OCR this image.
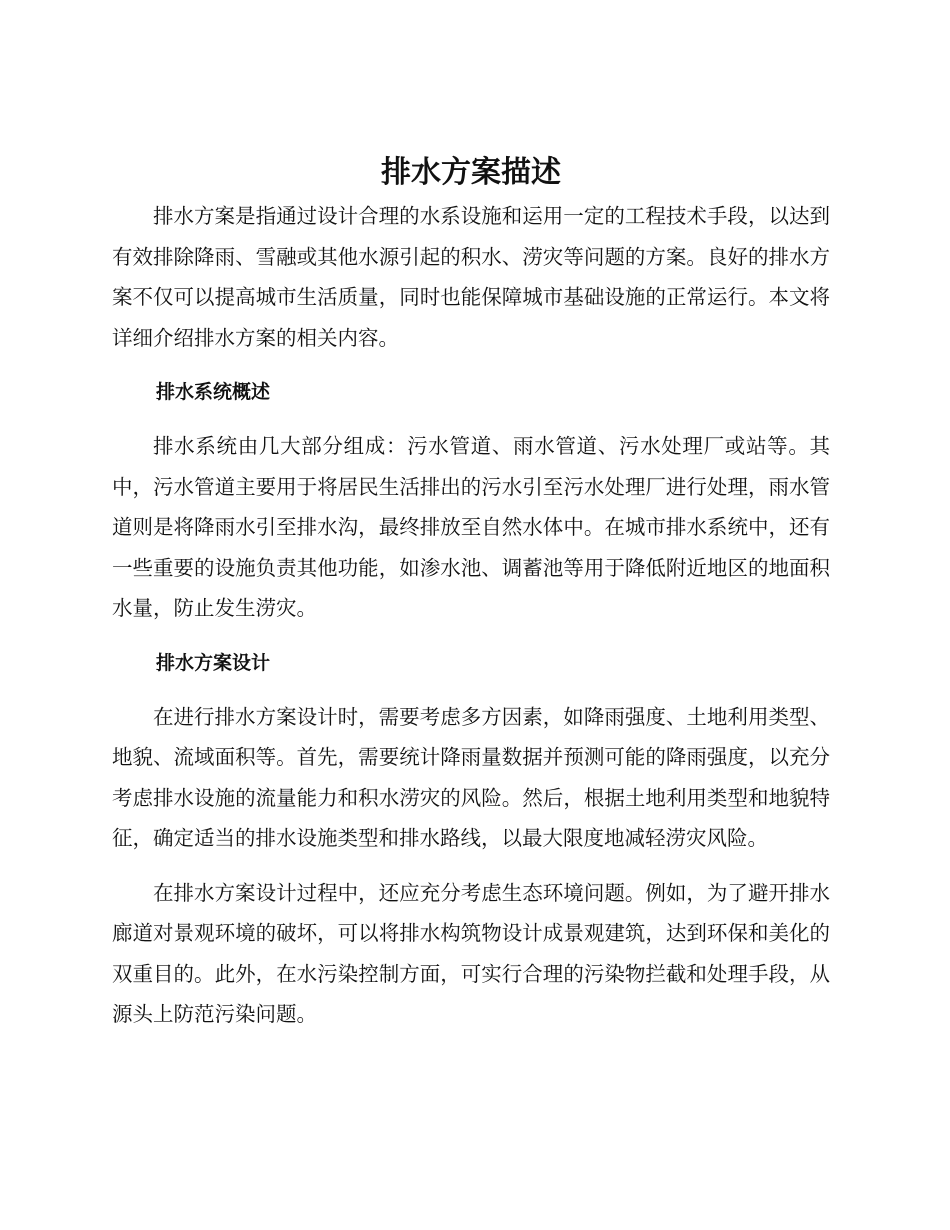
排水方案描述

排水方案是指通过设计合理的水系设施和运用一定的工程技术手段，以达到有效排除降雨、雪融或其他水源引起的积水、涝灾等问题的方案。良好的排水方案不仅可以提高城市生活质量，同时也能保障城市基础设施的正常运行。本文将详细介绍排水方案的相关内容。

排水系统概述

排水系统由几大部分组成：污水管道、雨水管道、污水处理厂或站等。其中，污水管道主要用于将居民生活排出的污水引至污水处理厂进行处理，雨水管道则是将降雨水引至排水沟，最终排放至自然水体中。在城市排水系统中，还有一些重要的设施负责其他功能，如渗水池、调蓄池等用于降低附近地区的地面积水量，防止发生涝灾。

排水方案设计

在进行排水方案设计时，需要考虑多方因素，如降雨强度、土地利用类型、地貌、流域面积等。首先，需要统计降雨量数据并预测可能的降雨强度，以充分考虑排水设施的流量能力和积水涝灾的风险。然后，根据土地利用类型和地貌特征，确定适当的排水设施类型和排水路线，以最大限度地减轻涝灾风险。

在排水方案设计过程中，还应充分考虑生态环境问题。例如，为了避开排水廊道对景观环境的破坏，可以将排水构筑物设计成景观建筑，达到环保和美化的双重目的。此外，在水污染控制方面，可实行合理的污染物拦截和处理手段，从源头上防范污染问题。
